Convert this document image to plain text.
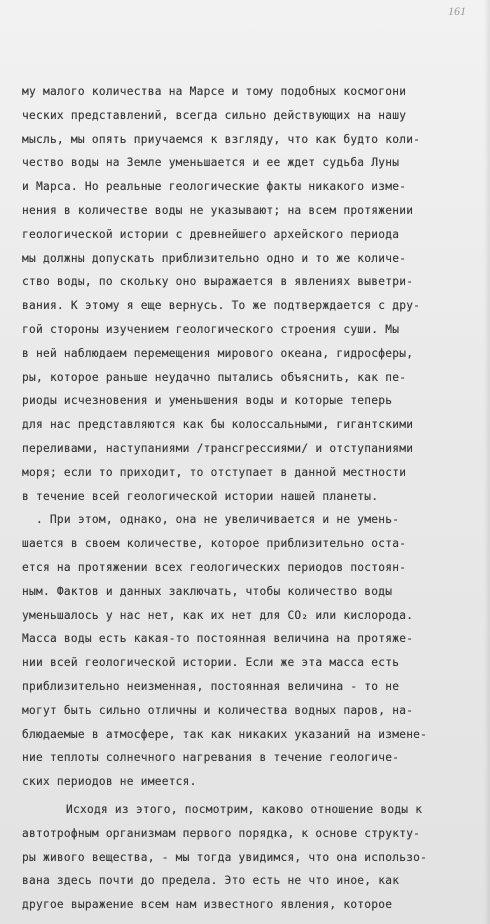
161
му малого количества на Марсе и тому подобных космогони
ческих представлений, всегда сильно действующих на нашу
мысль, мы опять приучаемся к взгляду, что как будто коли-
чество воды на Земле уменьшается и ее ждет судьба Луны
и Марса. Но реальные геологические факты никакого изме-
нения в количестве воды не указывают; на всем протяжении
геологической истории с древнейшего архейского периода
мы должны допускать приблизительно одно и то же количе-
ство воды, по скольку оно выражается в явлениях выветри-
вания. К этому я еще вернусь. То же подтверждается с дру-
гой стороны изучением геологического строения суши. Мы
в ней наблюдаем перемещения мирового океана, гидросферы,
ры, которое раньше неудачно пытались объяснить, как пе-
риоды исчезновения и уменьшения воды и которые теперь
для нас представляются как бы колоссальными, гигантскими
переливами, наступаниями /трансгрессиями/ и отступаниями
моря; если то приходит, то отступает в данной местности
в течение всей геологической истории нашей планеты.
. При этом, однако, она не увеличивается и не умень-
шается в своем количестве, которое приблизительно оста-
ется на протяжении всех геологических периодов постоян-
ным. Фактов и данных заключать, чтобы количество воды
уменьшалось у нас нет, как их нет для CO₂ или кислорода.
Масса воды есть какая-то постоянная величина на протяже-
нии всей геологической истории. Если же эта масса есть
приблизительно неизменная, постоянная величина - то не
могут быть сильно отличны и количества водных паров, на-
блюдаемые в атмосфере, так как никаких указаний на измене-
ние теплоты солнечного нагревания в течение геологиче-
ских периодов не имеется.
Исходя из этого, посмотрим, каково отношение воды к
автотрофным организмам первого порядка, к основе структу-
ры живого вещества, - мы тогда увидимся, что она использо-
вана здесь почти до предела. Это есть не что иное, как
другое выражение всем нам известного явления, которое
